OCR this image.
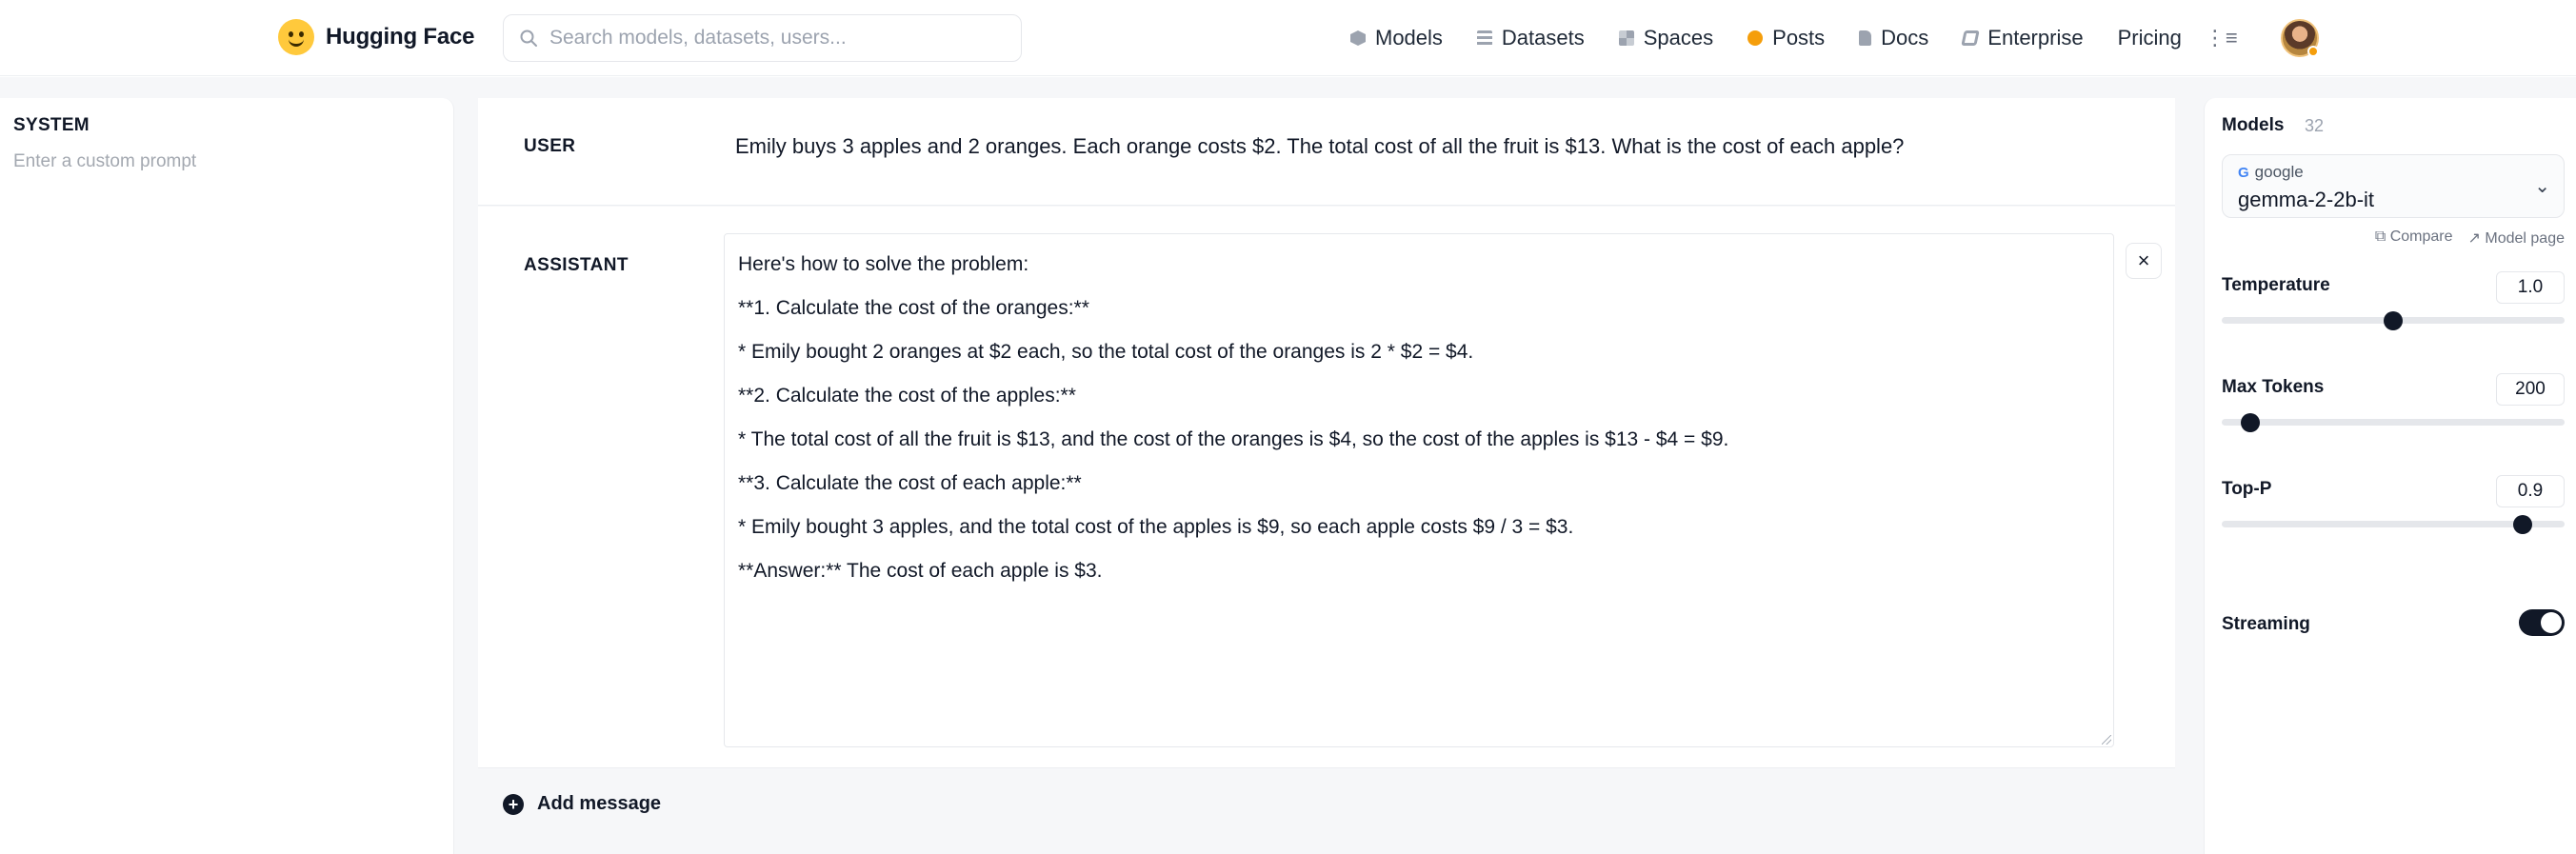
Hugging Face
Search models, datasets, users...	Models	Datasets	Spaces	Posts	Docs	Enterprise Pricing ⋮≡
SYSTEM
Enter a custom prompt
USER	Emily buys 3 apples and 2 oranges. Each orange costs $2. The total cost of all the fruit is $13. What is the cost of each apple?
ASSISTANT	Here's how to solve the problem:
**1. Calculate the cost of the oranges:**
* Emily bought 2 oranges at $2 each, so the total cost of the oranges is 2 * $2 = $4.
**2. Calculate the cost of the apples:**
* The total cost of all the fruit is $13, and the cost of the oranges is $4, so the cost of the apples is $13 - $4 = $9.
**3. Calculate the cost of each apple:**
* Emily bought 3 apples, and the total cost of the apples is $9, so each apple costs $9 / 3 = $3.
**Answer:** The cost of each apple is $3.
×
+ Add message
Models 32
G google
gemma-2-2b-it
⌄
⧉ Compare ↗ Model page
Temperature	1.0
Max Tokens	200
Top-P	0.9
Streaming
